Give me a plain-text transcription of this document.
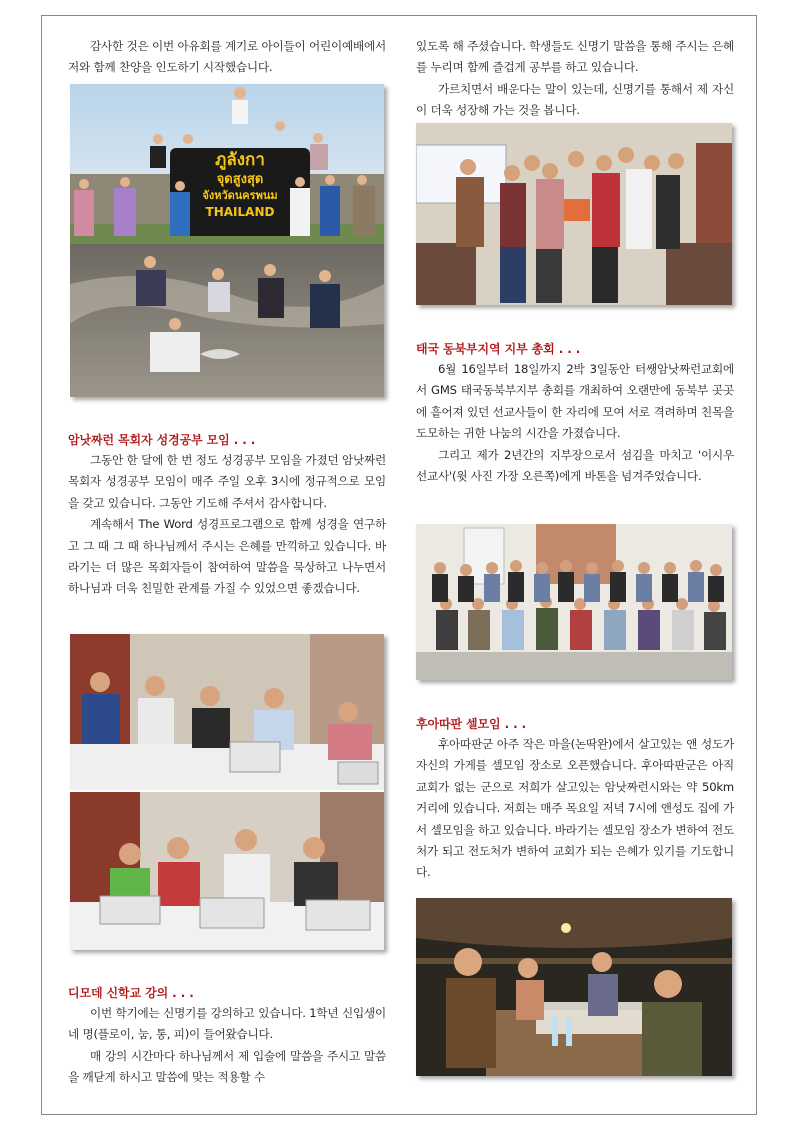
감사한 것은 이번 아유회를 계기로 아이들이 어린이예배에서 저와 함께 찬양을 인도하기 시작했습니다.

ภูลังกา
จุดสูงสุด
จังหวัดนครพนม
THAILAND
암낫짜런 목회자 성경공부 모임 . . .

그동안 한 달에 한 번 정도 성경공부 모임을 가졌던 암낫짜런 목회자 성경공부 모임이 매주 주일 오후 3시에 정규적으로 모임을 갖고 있습니다. 그동안 기도해 주셔서 감사합니다.

계속해서 The Word 성경프로그램으로 함께 성경을 연구하고 그 때 그 때 하나님께서 주시는 은혜를 만끽하고 있습니다. 바라기는 더 많은 목회자들이 참여하여 말씀을 묵상하고 나누면서 하나님과 더욱 친밀한 관계를 가질 수 있었으면 좋겠습니다.

디모데 신학교 강의 . . .

이번 학기에는 신명기를 강의하고 있습니다. 1학년 신입생이 네 명(플로이, 눔, 통, 피)이 들어왔습니다.

매 강의 시간마다 하나님께서 제 입술에 말씀을 주시고 말씀을 깨닫게 하시고 말씀에 맞는 적용할 수

있도록 해 주셨습니다. 학생들도 신명기 말씀을 통해 주시는 은혜를 누리며 함께 즐겁게 공부를 하고 있습니다.

가르치면서 배운다는 말이 있는데, 신명기를 통해서 제 자신이 더욱 성장해 가는 것을 봅니다.

태국 동북부지역 지부 총회 . . .

6월 16일부터 18일까지 2박 3일동안 터쌩암낫짜런교회에서 GMS 태국동북부지부 총회를 개최하여 오랜만에 동북부 곳곳에 흩어져 있던 선교사들이 한 자리에 모여 서로 격려하며 친목을 도모하는 귀한 나눔의 시간을 가졌습니다.

그리고 제가 2년간의 지부장으로서 섬김을 마치고 '이시우 선교사'(윗 사진 가장 오른쪽)에게 바톤을 넘겨주었습니다.

후아따판 셀모임 . . .

후아따판군 아주 작은 마을(논딱완)에서 살고있는 앤 성도가 자신의 가게를 셀모임 장소로 오픈했습니다. 후아따판군은 아직 교회가 없는 군으로 저희가 살고있는 암낫짜런시와는 약 50km 거리에 있습니다. 저희는 매주 목요일 저녁 7시에 앤성도 집에 가서 셀모임을 하고 있습니다. 바라기는 셀모임 장소가 변하여 전도처가 되고 전도처가 변하여 교회가 되는 은혜가 있기를 기도합니다.
